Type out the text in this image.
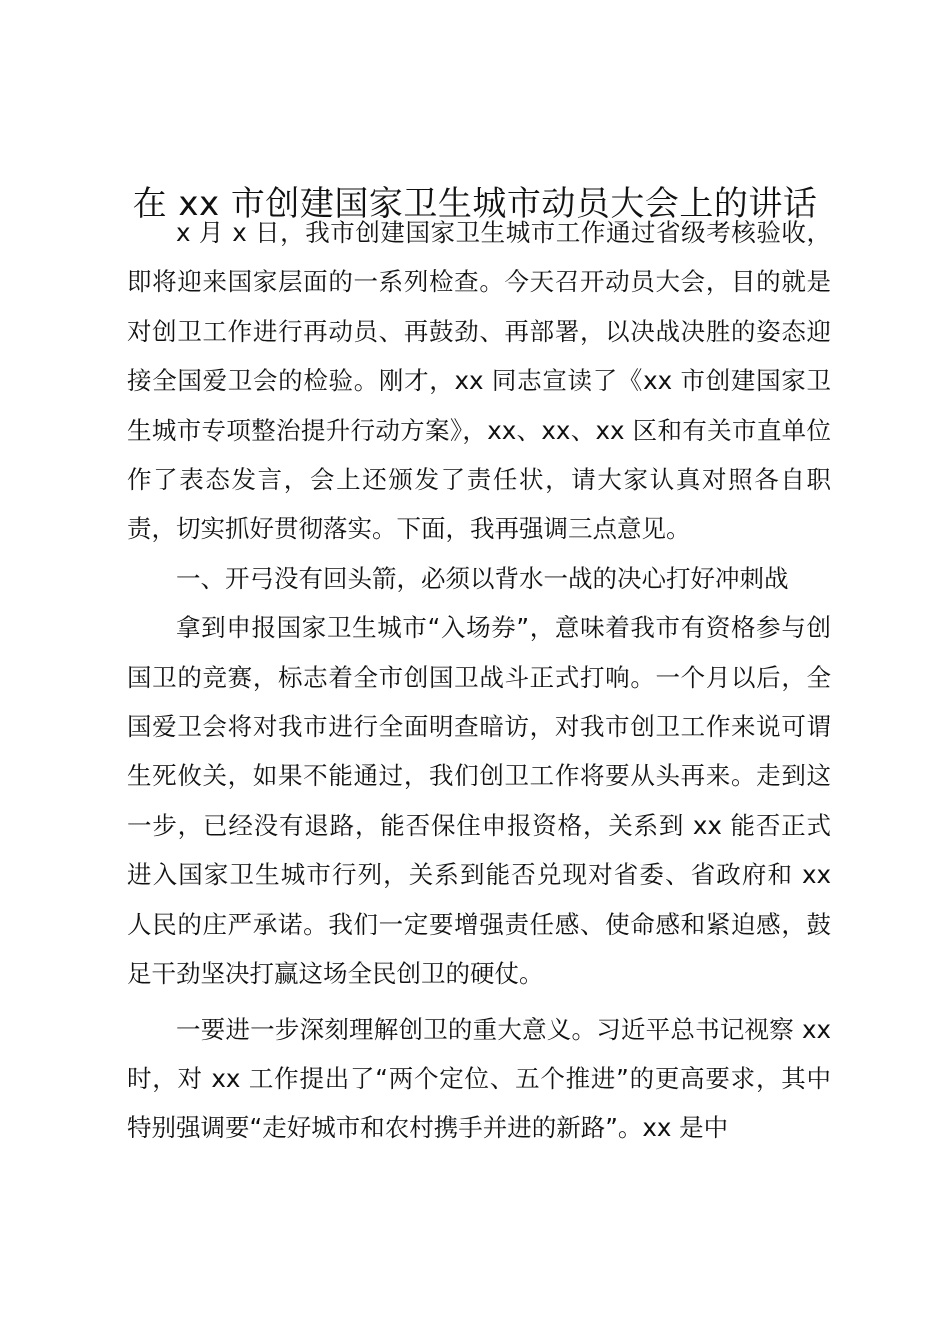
在 xx 市创建国家卫生城市动员大会上的讲话

x 月 x 日，我市创建国家卫生城市工作通过省级考核验收，即将迎来国家层面的一系列检查。今天召开动员大会，目的就是对创卫工作进行再动员、再鼓劲、再部署，以决战决胜的姿态迎接全国爱卫会的检验。刚才，xx 同志宣读了《xx 市创建国家卫生城市专项整治提升行动方案》，xx、xx、xx 区和有关市直单位作了表态发言，会上还颁发了责任状，请大家认真对照各自职责，切实抓好贯彻落实。下面，我再强调三点意见。

一、开弓没有回头箭，必须以背水一战的决心打好冲刺战

拿到申报国家卫生城市“入场券”，意味着我市有资格参与创国卫的竞赛，标志着全市创国卫战斗正式打响。一个月以后，全国爱卫会将对我市进行全面明查暗访，对我市创卫工作来说可谓生死攸关，如果不能通过，我们创卫工作将要从头再来。走到这一步，已经没有退路，能否保住申报资格，关系到 xx 能否正式进入国家卫生城市行列，关系到能否兑现对省委、省政府和 xx 人民的庄严承诺。我们一定要增强责任感、使命感和紧迫感，鼓足干劲坚决打赢这场全民创卫的硬仗。

一要进一步深刻理解创卫的重大意义。习近平总书记视察 xx 时，对 xx 工作提出了“两个定位、五个推进”的更高要求，其中特别强调要“走好城市和农村携手并进的新路”。xx 是中
